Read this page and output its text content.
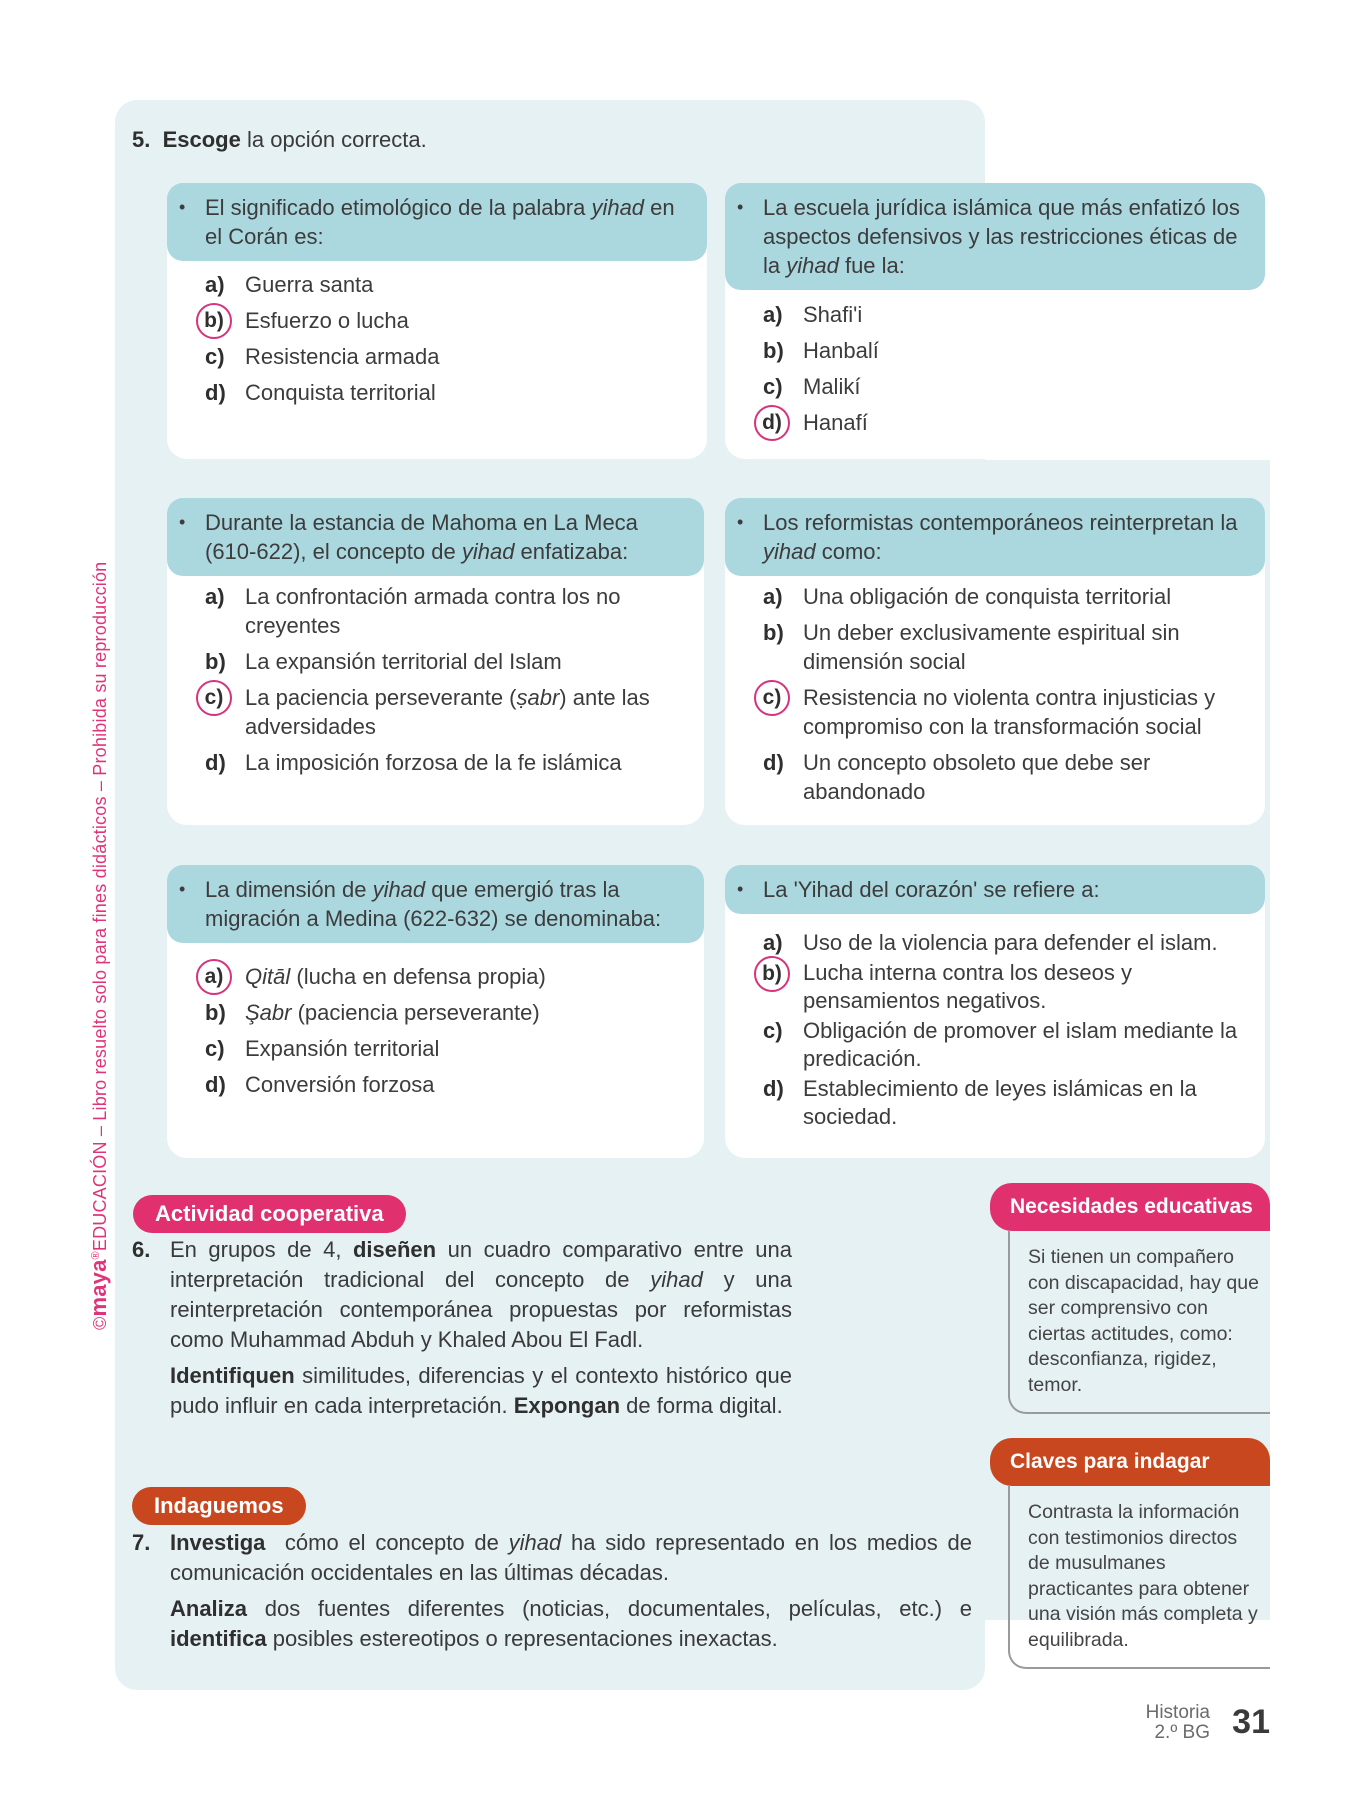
©maya®EDUCACIÓN – Libro resuelto solo para fines didácticos – Prohibida su reproducción
5. Escoge la opción correcta.
• El significado etimológico de la palabra yihad en el Corán es:
a) Guerra santa
b) Esfuerzo o lucha
c) Resistencia armada
d) Conquista territorial
• La escuela jurídica islámica que más enfatizó los aspectos defensivos y las restricciones éticas de la yihad fue la:
a) Shafi'i
b) Hanbalí
c) Malikí
d) Hanafí
• Durante la estancia de Mahoma en La Meca (610-622), el concepto de yihad enfatizaba:
a) La confrontación armada contra los no creyentes
b) La expansión territorial del Islam
c) La paciencia perseverante (ṣabr) ante las adversidades
d) La imposición forzosa de la fe islámica
• Los reformistas contemporáneos reinterpretan la yihad como:
a) Una obligación de conquista territorial
b) Un deber exclusivamente espiritual sin dimensión social
c) Resistencia no violenta contra injusticias y compromiso con la transformación social
d) Un concepto obsoleto que debe ser abandonado
• La dimensión de yihad que emergió tras la migración a Medina (622-632) se denominaba:
a) Qitāl (lucha en defensa propia)
b) Şabr (paciencia perseverante)
c) Expansión territorial
d) Conversión forzosa
• La 'Yihad del corazón' se refiere a:
a) Uso de la violencia para defender el islam.
b) Lucha interna contra los deseos y pensamientos negativos.
c) Obligación de promover el islam mediante la predicación.
d) Establecimiento de leyes islámicas en la sociedad.
Actividad cooperativa

6. En grupos de 4, diseñen un cuadro comparativo entre una interpretación tradicional del concepto de yihad y una reinterpretación contemporánea propuestas por reformistas como Muhammad Abduh y Khaled Abou El Fadl.

Identifiquen similitudes, diferencias y el contexto histórico que pudo influir en cada interpretación. Expongan de forma digital.

Indaguemos

7. Investiga cómo el concepto de yihad ha sido representado en los medios de comunicación occidentales en las últimas décadas.

Analiza dos fuentes diferentes (noticias, documentales, películas, etc.) e identifica posibles estereotipos o representaciones inexactas.

Necesidades educativas
Si tienen un compañero con discapacidad, hay que ser comprensivo con ciertas actitudes, como: desconfianza, rigidez, temor.
Claves para indagar
Contrasta la información con testimonios directos de musulmanes practicantes para obtener una visión más completa y equilibrada.
Historia
2.º BG 31
